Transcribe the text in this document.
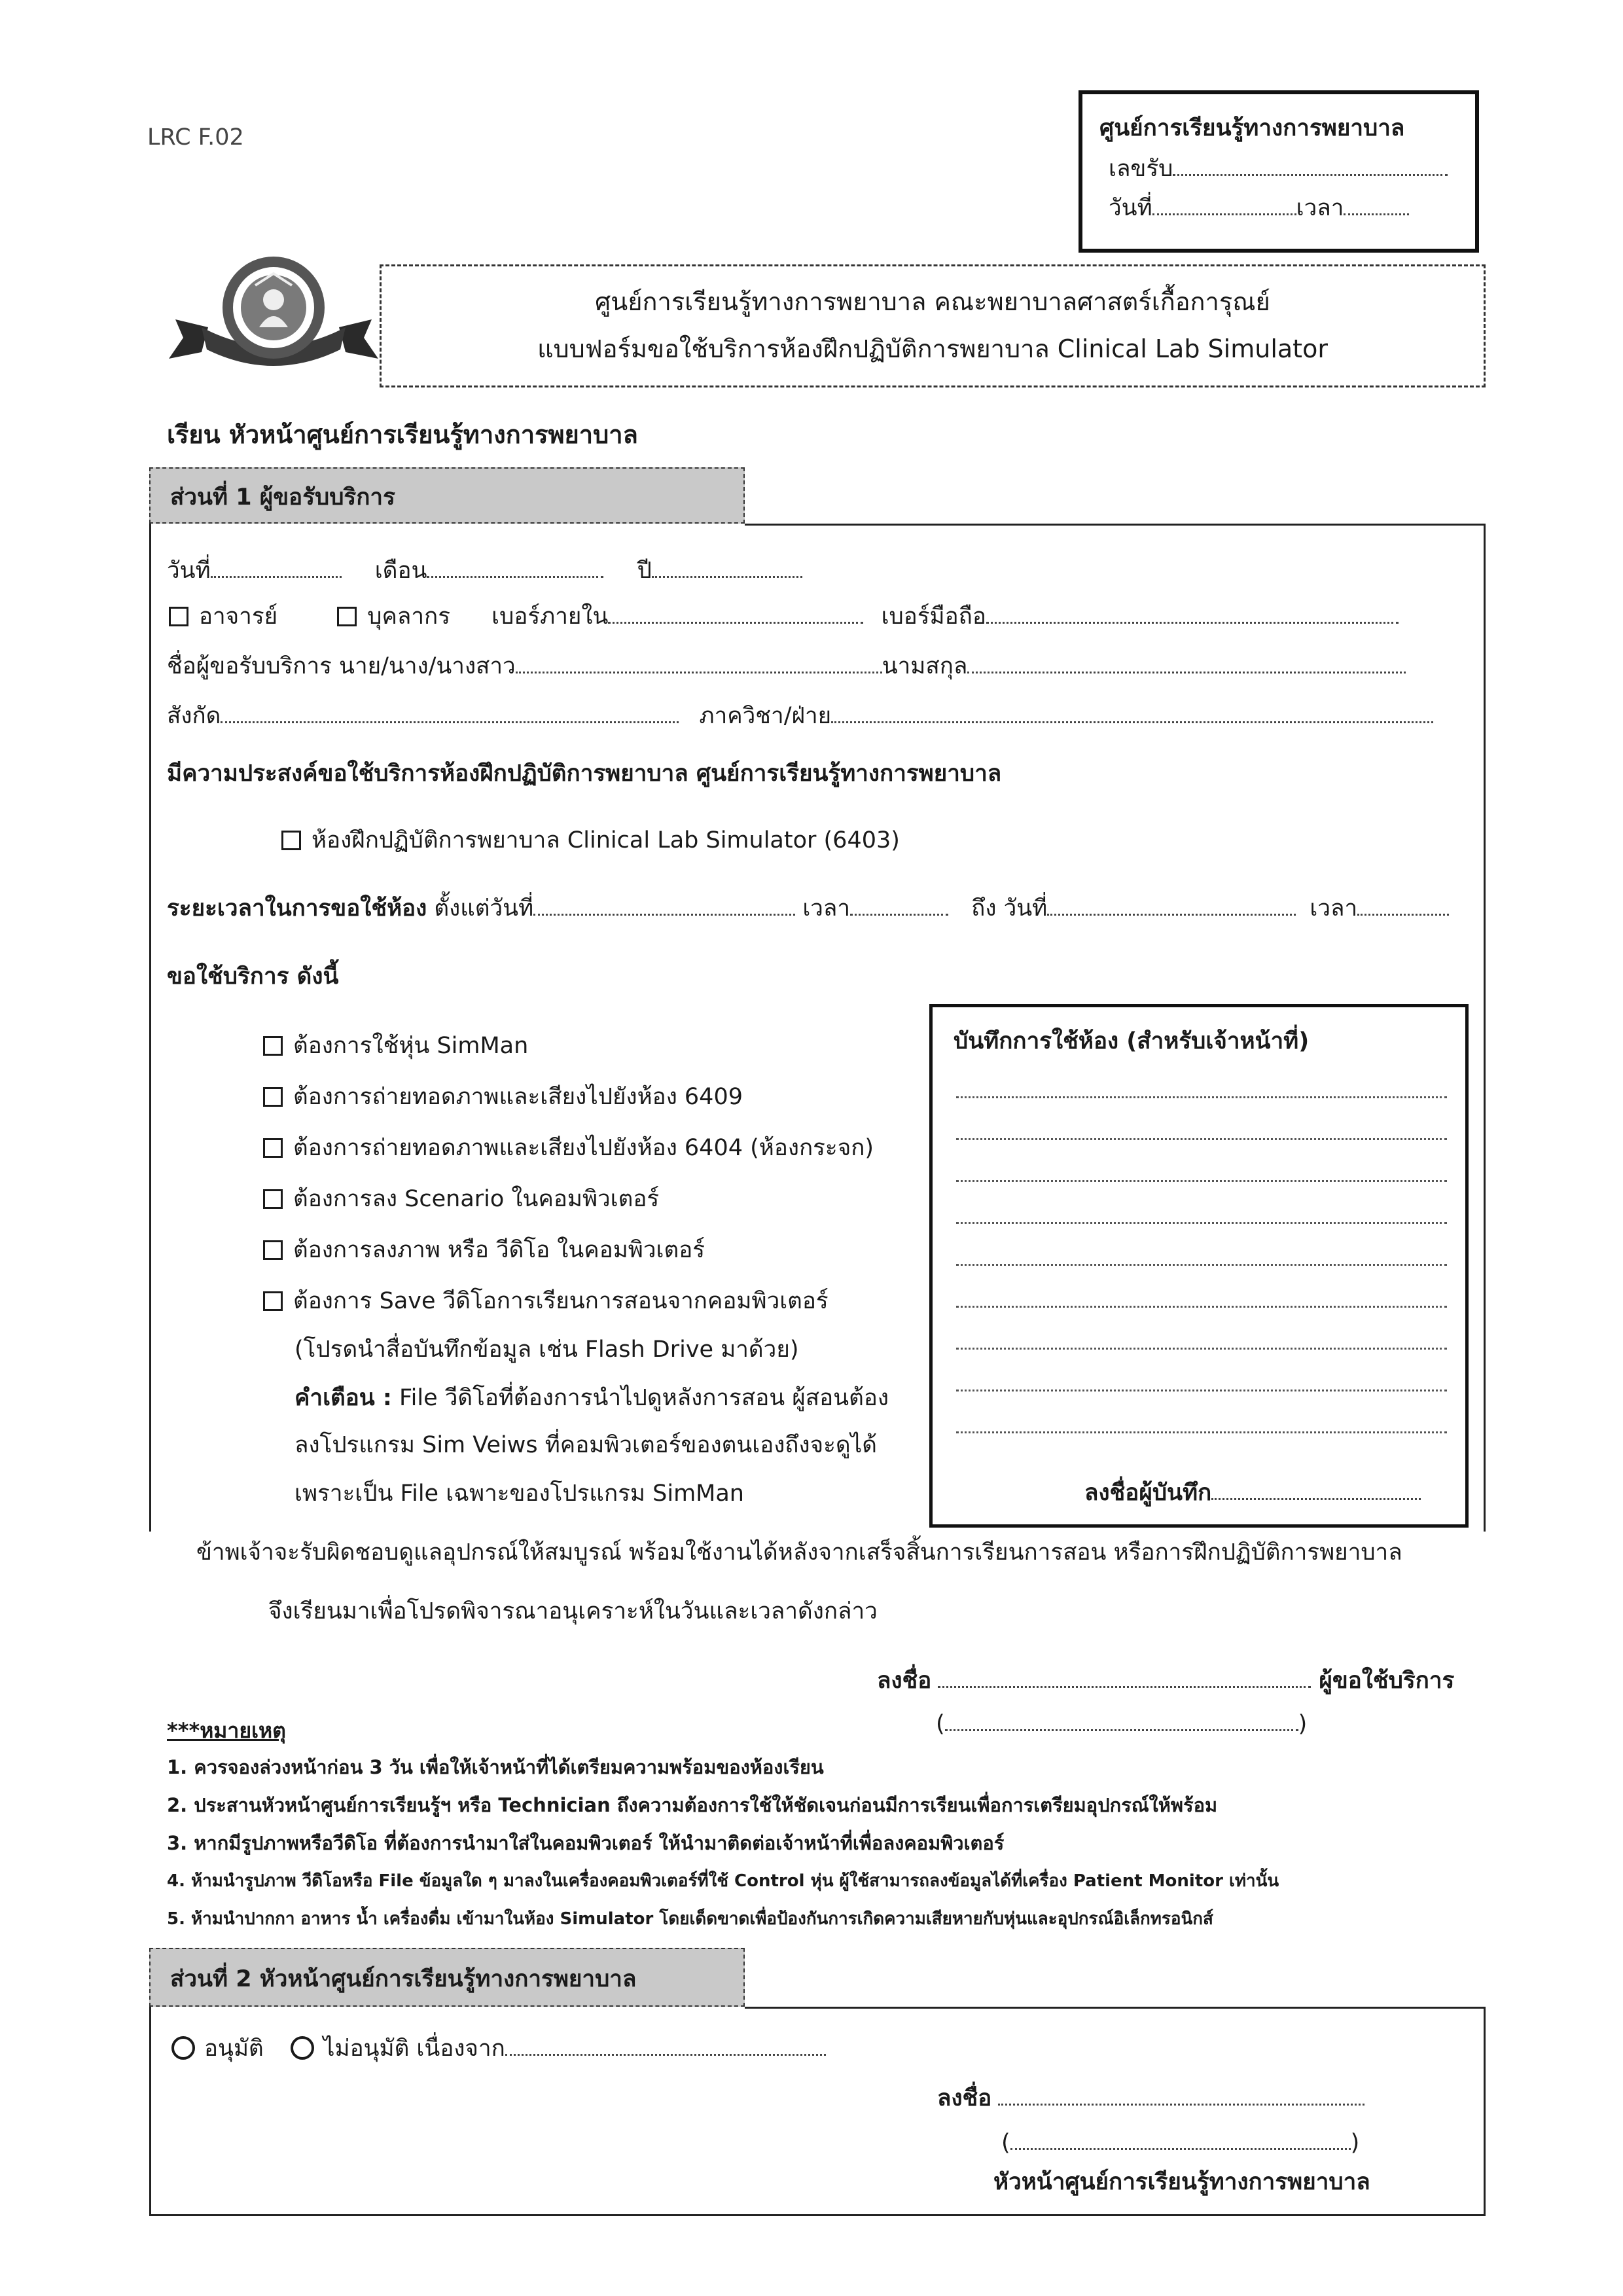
LRC F.02	ศูนย์การเรียนรู้ทางการพยาบาล
เลขรับ
วันที่	เวลา
ศูนย์การเรียนรู้ทางการพยาบาล คณะพยาบาลศาสตร์เกื้อการุณย์
แบบฟอร์มขอใช้บริการห้องฝึกปฏิบัติการพยาบาล Clinical Lab Simulator
เรียน หัวหน้าศูนย์การเรียนรู้ทางการพยาบาล
ส่วนที่ 1 ผู้ขอรับบริการ
วันที่	เดือน	ปี
อาจารย์	บุคลากร เบอร์ภายใน	เบอร์มือถือ
ชื่อผู้ขอรับบริการ นาย/นาง/นางสาว	นามสกุล
สังกัด	ภาควิชา/ฝ่าย
มีความประสงค์ขอใช้บริการห้องฝึกปฏิบัติการพยาบาล ศูนย์การเรียนรู้ทางการพยาบาล
ห้องฝึกปฏิบัติการพยาบาล Clinical Lab Simulator (6403)
ระยะเวลาในการขอใช้ห้อง ตั้งแต่วันที่	เวลา	ถึง วันที่	เวลา
ขอใช้บริการ ดังนี้
ต้องการใช้หุ่น SimMan
ต้องการถ่ายทอดภาพและเสียงไปยังห้อง 6409
ต้องการถ่ายทอดภาพและเสียงไปยังห้อง 6404 (ห้องกระจก)
ต้องการลง Scenario ในคอมพิวเตอร์
ต้องการลงภาพ หรือ วีดิโอ ในคอมพิวเตอร์
ต้องการ Save วีดิโอการเรียนการสอนจากคอมพิวเตอร์
(โปรดนำสื่อบันทึกข้อมูล เช่น Flash Drive มาด้วย)
คำเตือน : File วีดิโอที่ต้องการนำไปดูหลังการสอน ผู้สอนต้อง
ลงโปรแกรม Sim Veiws ที่คอมพิวเตอร์ของตนเองถึงจะดูได้
เพราะเป็น File เฉพาะของโปรแกรม SimMan
บันทึกการใช้ห้อง (สำหรับเจ้าหน้าที่)
ลงชื่อผู้บันทึก
ข้าพเจ้าจะรับผิดชอบดูแลอุปกรณ์ให้สมบูรณ์ พร้อมใช้งานได้หลังจากเสร็จสิ้นการเรียนการสอน หรือการฝึกปฏิบัติการพยาบาล
จึงเรียนมาเพื่อโปรดพิจารณาอนุเคราะห์ในวันและเวลาดังกล่าว
ลงชื่อ	ผู้ขอใช้บริการ
(	)
***หมายเหตุ
1. ควรจองล่วงหน้าก่อน 3 วัน เพื่อให้เจ้าหน้าที่ได้เตรียมความพร้อมของห้องเรียน
2. ประสานหัวหน้าศูนย์การเรียนรู้ฯ หรือ Technician ถึงความต้องการใช้ให้ชัดเจนก่อนมีการเรียนเพื่อการเตรียมอุปกรณ์ให้พร้อม
3. หากมีรูปภาพหรือวีดิโอ ที่ต้องการนำมาใส่ในคอมพิวเตอร์ ให้นำมาติดต่อเจ้าหน้าที่เพื่อลงคอมพิวเตอร์
4. ห้ามนำรูปภาพ วีดิโอหรือ File ข้อมูลใด ๆ มาลงในเครื่องคอมพิวเตอร์ที่ใช้ Control หุ่น ผู้ใช้สามารถลงข้อมูลได้ที่เครื่อง Patient Monitor เท่านั้น
5. ห้ามนำปากกา อาหาร น้ำ เครื่องดื่ม เข้ามาในห้อง Simulator โดยเด็ดขาดเพื่อป้องกันการเกิดความเสียหายกับหุ่นและอุปกรณ์อิเล็กทรอนิกส์
ส่วนที่ 2 หัวหน้าศูนย์การเรียนรู้ทางการพยาบาล
อนุมัติ	ไม่อนุมัติ เนื่องจาก
ลงชื่อ
(	)
หัวหน้าศูนย์การเรียนรู้ทางการพยาบาล
